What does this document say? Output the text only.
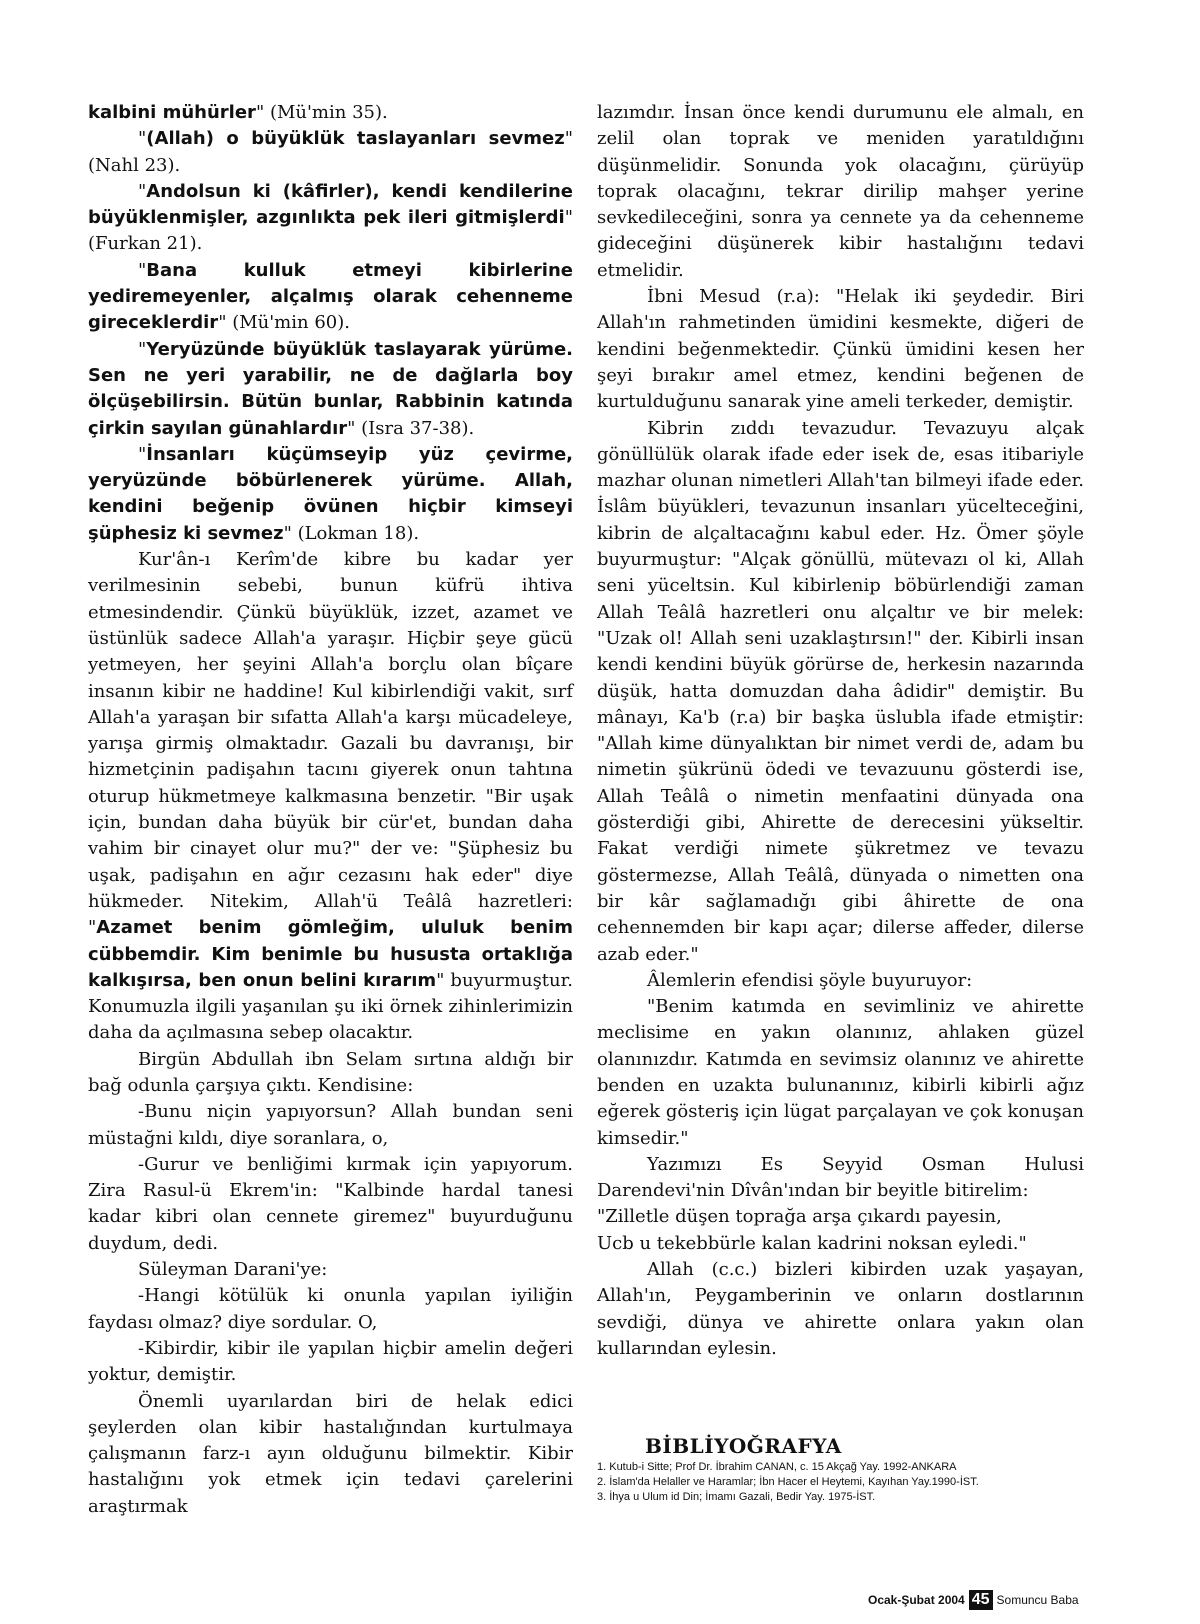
kalbini mühürler" (Mü'min 35).

"(Allah) o büyüklük taslayanları sevmez" (Nahl 23).

"Andolsun ki (kâfirler), kendi kendilerine büyüklenmişler, azgınlıkta pek ileri gitmişlerdi" (Furkan 21).

"Bana kulluk etmeyi kibirlerine yediremeyenler, alçalmış olarak cehenneme gireceklerdir" (Mü'min 60).

"Yeryüzünde büyüklük taslayarak yürüme. Sen ne yeri yarabilir, ne de dağlarla boy ölçüşebilirsin. Bütün bunlar, Rabbinin katında çirkin sayılan günahlardır" (Isra 37-38).

"İnsanları küçümseyip yüz çevirme, yeryüzünde böbürlenerek yürüme. Allah, kendini beğenip övünen hiçbir kimseyi şüphesiz ki sevmez" (Lokman 18).

Kur'ân-ı Kerîm'de kibre bu kadar yer verilmesinin sebebi, bunun küfrü ihtiva etmesindendir. Çünkü büyüklük, izzet, azamet ve üstünlük sadece Allah'a yaraşır. Hiçbir şeye gücü yetmeyen, her şeyini Allah'a borçlu olan bîçare insanın kibir ne haddine! Kul kibirlendiği vakit, sırf Allah'a yaraşan bir sıfatta Allah'a karşı mücadeleye, yarışa girmiş olmaktadır. Gazali bu davranışı, bir hizmetçinin padişahın tacını giyerek onun tahtına oturup hükmetmeye kalkmasına benzetir. "Bir uşak için, bundan daha büyük bir cür'et, bundan daha vahim bir cinayet olur mu?" der ve: "Şüphesiz bu uşak, padişahın en ağır cezasını hak eder" diye hükmeder. Nitekim, Allah'ü Teâlâ hazretleri: "Azamet benim gömleğim, ululuk benim cübbemdir. Kim benimle bu hususta ortaklığa kalkışırsa, ben onun belini kırarım" buyurmuştur. Konumuzla ilgili yaşanılan şu iki örnek zihinlerimizin daha da açılmasına sebep olacaktır.

Birgün Abdullah ibn Selam sırtına aldığı bir bağ odunla çarşıya çıktı. Kendisine:

-Bunu niçin yapıyorsun? Allah bundan seni müstağni kıldı, diye soranlara, o,

-Gurur ve benliğimi kırmak için yapıyorum. Zira Rasul-ü Ekrem'in: "Kalbinde hardal tanesi kadar kibri olan cennete giremez" buyurduğunu duydum, dedi.

Süleyman Darani'ye:

-Hangi kötülük ki onunla yapılan iyiliğin faydası olmaz? diye sordular. O,

-Kibirdir, kibir ile yapılan hiçbir amelin değeri yoktur, demiştir.

Önemli uyarılardan biri de helak edici şeylerden olan kibir hastalığından kurtulmaya çalışmanın farz-ı ayın olduğunu bilmektir. Kibir hastalığını yok etmek için tedavi çarelerini araştırmak

lazımdır. İnsan önce kendi durumunu ele almalı, en zelil olan toprak ve meniden yaratıldığını düşünmelidir. Sonunda yok olacağını, çürüyüp toprak olacağını, tekrar dirilip mahşer yerine sevkedileceğini, sonra ya cennete ya da cehenneme gideceğini düşünerek kibir hastalığını tedavi etmelidir.

İbni Mesud (r.a): "Helak iki şeydedir. Biri Allah'ın rahmetinden ümidini kesmekte, diğeri de kendini beğenmektedir. Çünkü ümidini kesen her şeyi bırakır amel etmez, kendini beğenen de kurtulduğunu sanarak yine ameli terkeder, demiştir.

Kibrin zıddı tevazudur. Tevazuyu alçak gönüllülük olarak ifade eder isek de, esas itibariyle mazhar olunan nimetleri Allah'tan bilmeyi ifade eder. İslâm büyükleri, tevazunun insanları yücelteceğini, kibrin de alçaltacağını kabul eder. Hz. Ömer şöyle buyurmuştur: "Alçak gönüllü, mütevazı ol ki, Allah seni yüceltsin. Kul kibirlenip böbürlendiği zaman Allah Teâlâ hazretleri onu alçaltır ve bir melek: "Uzak ol! Allah seni uzaklaştırsın!" der. Kibirli insan kendi kendini büyük görürse de, herkesin nazarında düşük, hatta domuzdan daha âdidir" demiştir. Bu mânayı, Ka'b (r.a) bir başka üslubla ifade etmiştir: "Allah kime dünyalıktan bir nimet verdi de, adam bu nimetin şükrünü ödedi ve tevazuunu gösterdi ise, Allah Teâlâ o nimetin menfaatini dünyada ona gösterdiği gibi, Ahirette de derecesini yükseltir. Fakat verdiği nimete şükretmez ve tevazu göstermezse, Allah Teâlâ, dünyada o nimetten ona bir kâr sağlamadığı gibi âhirette de ona cehennemden bir kapı açar; dilerse affeder, dilerse azab eder."

Âlemlerin efendisi şöyle buyuruyor:

"Benim katımda en sevimliniz ve ahirette meclisime en yakın olanınız, ahlaken güzel olanınızdır. Katımda en sevimsiz olanınız ve ahirette benden en uzakta bulunanınız, kibirli kibirli ağız eğerek gösteriş için lügat parçalayan ve çok konuşan kimsedir."

Yazımızı Es Seyyid Osman Hulusi Darendevi'nin Dîvân'ından bir beyitle bitirelim:

"Zilletle düşen toprağa arşa çıkardı payesin,

Ucb u tekebbürle kalan kadrini noksan eyledi."

Allah (c.c.) bizleri kibirden uzak yaşayan, Allah'ın, Peygamberinin ve onların dostlarının sevdiği, dünya ve ahirette onlara yakın olan kullarından eylesin.

BİBLİYOĞRAFYA
1. Kutub-i Sitte; Prof Dr. İbrahim CANAN, c. 15 Akçağ Yay. 1992-ANKARA
2. İslam'da Helaller ve Haramlar; İbn Hacer el Heytemi, Kayıhan Yay.1990-İST.
3. İhya u Ulum id Din; İmamı Gazali, Bedir Yay. 1975-İST.
Ocak-Şubat 2004 45 Somuncu Baba
